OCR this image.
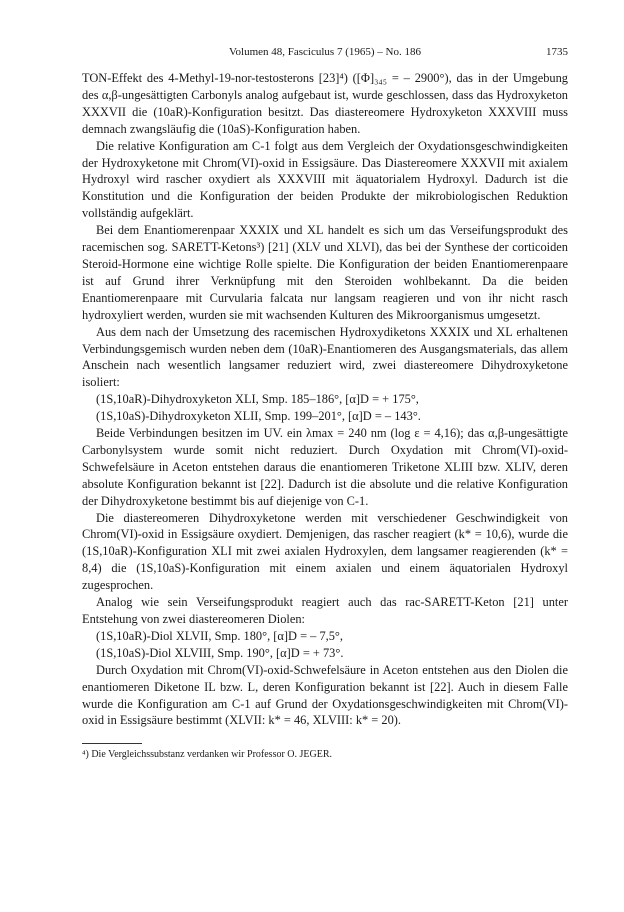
Volumen 48, Fasciculus 7 (1965) – No. 186	1735

TON-Effekt des 4-Methyl-19-nor-testosterons [23]⁴) ([Φ]₃₄₅ = – 2900°), das in der Umgebung des α,β-ungesättigten Carbonyls analog aufgebaut ist, wurde geschlossen, dass das Hydroxyketon XXXVII die (10aR)-Konfiguration besitzt. Das diastereomere Hydroxyketon XXXVIII muss demnach zwangsläufig die (10aS)-Konfiguration haben.

Die relative Konfiguration am C-1 folgt aus dem Vergleich der Oxydationsgeschwindigkeiten der Hydroxyketone mit Chrom(VI)-oxid in Essigsäure. Das Diastereomere XXXVII mit axialem Hydroxyl wird rascher oxydiert als XXXVIII mit äquatorialem Hydroxyl. Dadurch ist die Konstitution und die Konfiguration der beiden Produkte der mikrobiologischen Reduktion vollständig aufgeklärt.

Bei dem Enantiomerenpaar XXXIX und XL handelt es sich um das Verseifungsprodukt des racemischen sog. SARETT-Ketons³) [21] (XLV und XLVI), das bei der Synthese der corticoiden Steroid-Hormone eine wichtige Rolle spielte. Die Konfiguration der beiden Enantiomerenpaare ist auf Grund ihrer Verknüpfung mit den Steroiden wohlbekannt. Da die beiden Enantiomerenpaare mit Curvularia falcata nur langsam reagieren und von ihr nicht rasch hydroxyliert werden, wurden sie mit wachsenden Kulturen des Mikroorganismus umgesetzt.

Aus dem nach der Umsetzung des racemischen Hydroxydiketons XXXIX und XL erhaltenen Verbindungsgemisch wurden neben dem (10aR)-Enantiomeren des Ausgangsmaterials, das allem Anschein nach wesentlich langsamer reduziert wird, zwei diastereomere Dihydroxyketone isoliert:

(1S,10aR)-Dihydroxyketon XLI, Smp. 185–186°, [α]D = + 175°,

(1S,10aS)-Dihydroxyketon XLII, Smp. 199–201°, [α]D = – 143°.

Beide Verbindungen besitzen im UV. ein λmax = 240 nm (log ε = 4,16); das α,β-ungesättigte Carbonylsystem wurde somit nicht reduziert. Durch Oxydation mit Chrom(VI)-oxid-Schwefelsäure in Aceton entstehen daraus die enantiomeren Triketone XLIII bzw. XLIV, deren absolute Konfiguration bekannt ist [22]. Dadurch ist die absolute und die relative Konfiguration der Dihydroxyketone bestimmt bis auf diejenige von C-1.

Die diastereomeren Dihydroxyketone werden mit verschiedener Geschwindigkeit von Chrom(VI)-oxid in Essigsäure oxydiert. Demjenigen, das rascher reagiert (k* = 10,6), wurde die (1S,10aR)-Konfiguration XLI mit zwei axialen Hydroxylen, dem langsamer reagierenden (k* = 8,4) die (1S,10aS)-Konfiguration mit einem axialen und einem äquatorialen Hydroxyl zugesprochen.

Analog wie sein Verseifungsprodukt reagiert auch das rac-SARETT-Keton [21] unter Entstehung von zwei diastereomeren Diolen:

(1S,10aR)-Diol XLVII, Smp. 180°, [α]D = – 7,5°,

(1S,10aS)-Diol XLVIII, Smp. 190°, [α]D = + 73°.

Durch Oxydation mit Chrom(VI)-oxid-Schwefelsäure in Aceton entstehen aus den Diolen die enantiomeren Diketone IL bzw. L, deren Konfiguration bekannt ist [22]. Auch in diesem Falle wurde die Konfiguration am C-1 auf Grund der Oxydationsgeschwindigkeiten mit Chrom(VI)-oxid in Essigsäure bestimmt (XLVII: k* = 46, XLVIII: k* = 20).

⁴) Die Vergleichssubstanz verdanken wir Professor O. JEGER.
